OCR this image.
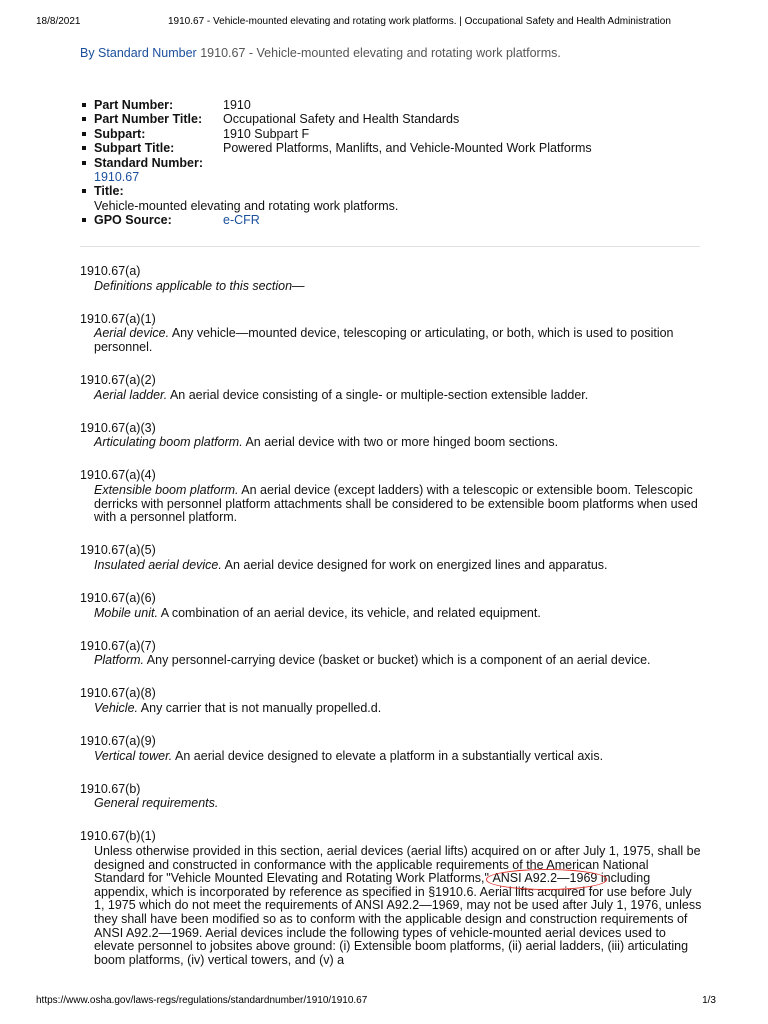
18/8/2021	1910.67 - Vehicle-mounted elevating and rotating work platforms. | Occupational Safety and Health Administration
By Standard Number 1910.67 - Vehicle-mounted elevating and rotating work platforms.
Part Number:	1910
Part Number Title: Occupational Safety and Health Standards
Subpart:	1910 Subpart F
Subpart Title:	Powered Platforms, Manlifts, and Vehicle-Mounted Work Platforms
Standard Number:
1910.67
Title:
Vehicle-mounted elevating and rotating work platforms.
GPO Source:	e-CFR
1910.67(a)
Definitions applicable to this section—
1910.67(a)(1)
Aerial device. Any vehicle—mounted device, telescoping or articulating, or both, which is used to position personnel.
1910.67(a)(2)
Aerial ladder. An aerial device consisting of a single- or multiple-section extensible ladder.
1910.67(a)(3)
Articulating boom platform. An aerial device with two or more hinged boom sections.
1910.67(a)(4)
Extensible boom platform. An aerial device (except ladders) with a telescopic or extensible boom. Telescopic derricks with personnel platform attachments shall be considered to be extensible boom platforms when used with a personnel platform.
1910.67(a)(5)
Insulated aerial device. An aerial device designed for work on energized lines and apparatus.
1910.67(a)(6)
Mobile unit. A combination of an aerial device, its vehicle, and related equipment.
1910.67(a)(7)
Platform. Any personnel-carrying device (basket or bucket) which is a component of an aerial device.
1910.67(a)(8)
Vehicle. Any carrier that is not manually propelled.d.
1910.67(a)(9)
Vertical tower. An aerial device designed to elevate a platform in a substantially vertical axis.
1910.67(b)
General requirements.
1910.67(b)(1)
Unless otherwise provided in this section, aerial devices (aerial lifts) acquired on or after July 1, 1975, shall be designed and constructed in conformance with the applicable requirements of the American National Standard for "Vehicle Mounted Elevating and Rotating Work Platforms," ANSI A92.2—1969
including appendix, which is incorporated by reference as specified in §1910.6. Aerial lifts acquired for use before July 1, 1975 which do not meet the requirements of ANSI A92.2—1969, may not be used after July 1, 1976, unless they shall have been modified so as to conform with the applicable design and construction requirements of ANSI A92.2—1969. Aerial devices include the following types of vehicle-mounted aerial devices used to elevate personnel to jobsites above ground: (i) Extensible boom platforms, (ii) aerial ladders, (iii) articulating boom platforms, (iv) vertical towers, and (v) a
https://www.osha.gov/laws-regs/regulations/standardnumber/1910/1910.67	1/3
